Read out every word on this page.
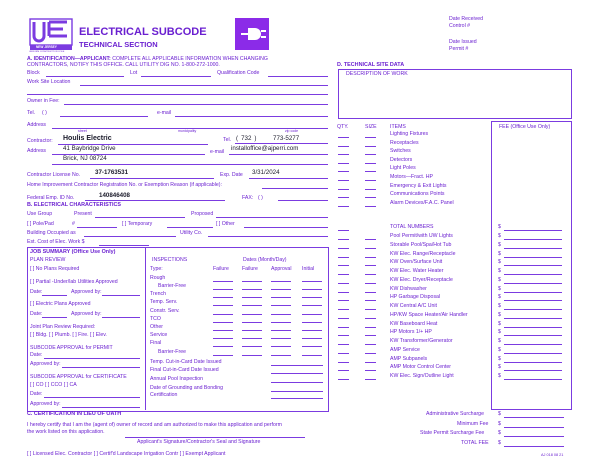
NEW JERSEY
UNIFORM CONSTRUCTION CODE
ELECTRICAL SUBCODE
TECHNICAL SECTION
Date Received
Control #
Date Issued
Permit #
A. IDENTIFICATION—APPLICANT: COMPLETE ALL APPLICABLE INFORMATION WHEN CHANGING
CONTRACTORS, NOTIFY THIS OFFICE. CALL UTILITY DIG NO. 1-800-272-1000.
Block	Lot	Qualification Code
Work Site Location
Owner in Fee:
Tel. ( )	e-mail
Address
street	municipality	zip code
Contractor: Houlis Electric	Tel. ( 732 )	773-5277
Address	41 Baybridge Drive	e-mail installoffice@ajperri.com
Brick, NJ 08724
Contractor License No. 37-1763531	Exp. Date 3/31/2024
Home Improvement Contractor Registration No. or Exemption Reason (if applicable):
Federal Emp. ID No.	140846408	FAX: ( )
B. ELECTRICAL CHARACTERISTICS
Use Group	Present	Proposed
[ ] Pole/Pad	#	[ ] Temporary	[ ] Other
Building Occupied as	Utility Co.
Est. Cost of Elec. Work $
JOB SUMMARY (Office Use Only)
PLAN REVIEW
[ ] No Plans Required
[ ] Partial -Under/lab Utilities Approved
Date:	Approved by:
[ ] Electric Plans Approved
Date:	Approved by:
Joint Plan Review Required:
[ ] Bldg. [ ] Plumb. [ ] Fire. [ ] Elev.
SUBCODE APPROVAL for PERMIT
Date:
Approved by:
SUBCODE APPROVAL for CERTIFICATE
[ ] CO [ ] CCO [ ] CA
Date:
Approved by:
INSPECTIONS	Dates (Month/Day)
Type:	Failure	Failure	Approval Initial
Rough
Barrier-Free
Trench
Temp. Serv.
Constr. Serv.
TCO
Other
Service
Final
Barrier-Free
Temp. Cut-in-Card Date Issued
Final Cut-in-Card Date Issued
Annual Pool Inspection
Date of Grounding and Bonding
Certification
C. CERTIFICATION IN LIEU OF OATH
I hereby certify that I am the (agent of) owner of record and am authorized to make this application and perform
the work listed on this application.
Applicant's Signature/Contractor's Seal and Signature
[ ] Licensed Elec. Contractor [ ] Certif'd Landscape Irrigation Contr [ ] Exempt Applicant
D. TECHNICAL SITE DATA
DESCRIPTION OF WORK
QTY.	SIZE	ITEMS	FEE (Office Use Only)
Lighting Fixtures
Receptacles
Switches
Detectors
Light Poles
Motors—Fract. HP
Emergency & Exit Lights
Communications Points
Alarm Devices/F.A.C. Panel
TOTAL NUMBERS	$
Pool Permit/with UW Lights	$
Storable Pool/Spa/Hot Tub	$
KW Elec. Range/Receptacle	$
KW Oven/Surface Unit	$
KW Elec. Water Heater	$
KW Elec. Dryer/Receptacle	$
KW Dishwasher	$
HP Garbage Disposal	$
KW Central A/C Unit	$
HP/KW Space Heater/Air Handler	$
KW Baseboard Heat	$
HP Motors 1/+ HP	$
KW Transformer/Generator	$
AMP Service	$
AMP Subpanels	$
AMP Motor Control Center	$
KW Elec. Sign/Outline Light	$
Administrative Surcharge	$
Minimum Fee $
State Permit Surcharge Fee	$
TOTAL FEE $
AJ 018 08 21
